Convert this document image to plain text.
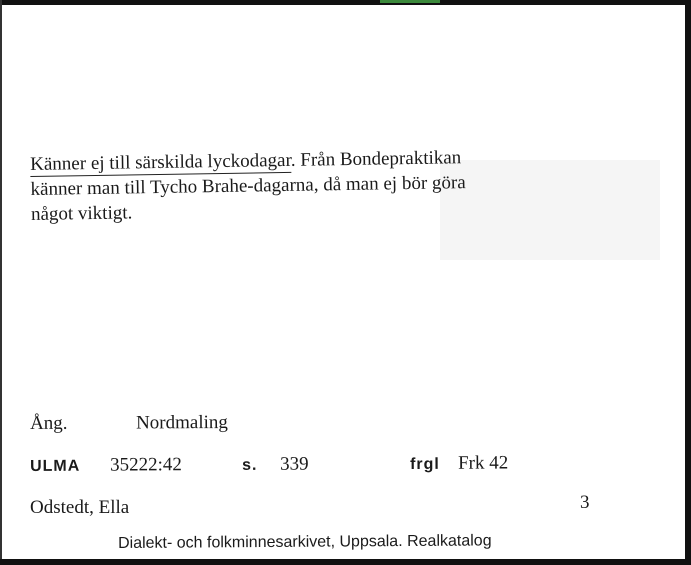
Känner ej till särskilda lyckodagar. Från Bondepraktikan
känner man till Tycho Brahe-dagarna, då man ej bör göra
något viktigt.
Ång.	Nordmaling
ULMA	35222:42	s.	339	frgl Frk 42
Odstedt, Ella	3
Dialekt- och folkminnesarkivet, Uppsala. Realkatalog
